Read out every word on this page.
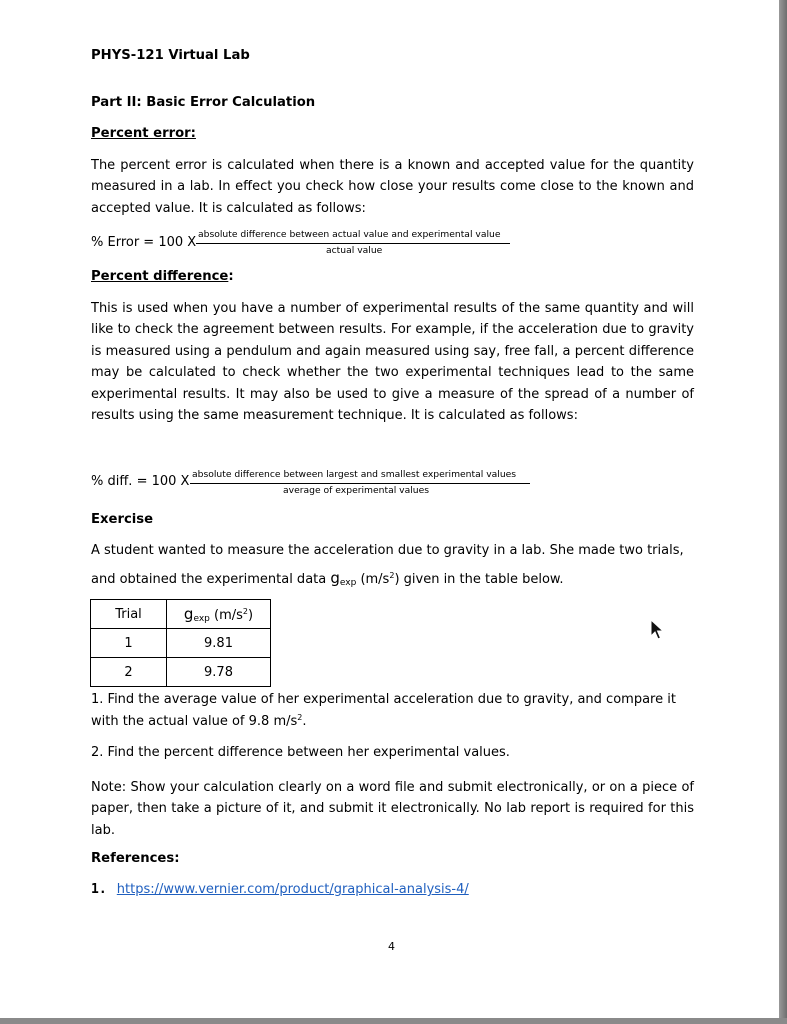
PHYS-121 Virtual Lab
Part II: Basic Error Calculation
Percent error:
The percent error is calculated when there is a known and accepted value for the quantity measured in a lab. In effect you check how close your results come close to the known and accepted value. It is calculated as follows:
% Error = 100 X
absolute difference between actual value and experimental value
actual value
Percent difference:
This is used when you have a number of experimental results of the same quantity and will like to check the agreement between results. For example, if the acceleration due to gravity is measured using a pendulum and again measured using say, free fall, a percent difference may be calculated to check whether the two experimental techniques lead to the same experimental results. It may also be used to give a measure of the spread of a number of results using the same measurement technique. It is calculated as follows:
% diff. = 100 X absolute difference between largest and smallest experimental values
average of experimental values
Exercise
A student wanted to measure the acceleration due to gravity in a lab. She made two trials,
and obtained the experimental data $g_{exp}$ $(m/s^2)$ given in the table below.
Trial	$g_{exp}$ $(m/s^2)$
1	9.81
2	9.78
1. Find the average value of her experimental acceleration due to gravity, and compare it
with the actual value of 9.8 $m/s^2$.
2. Find the percent difference between her experimental values.
Note: Show your calculation clearly on a word file and submit electronically, or on a piece of paper, then take a picture of it, and submit it electronically. No lab report is required for this lab.
References:
1. https://www.vernier.com/product/graphical-analysis-4/
4
